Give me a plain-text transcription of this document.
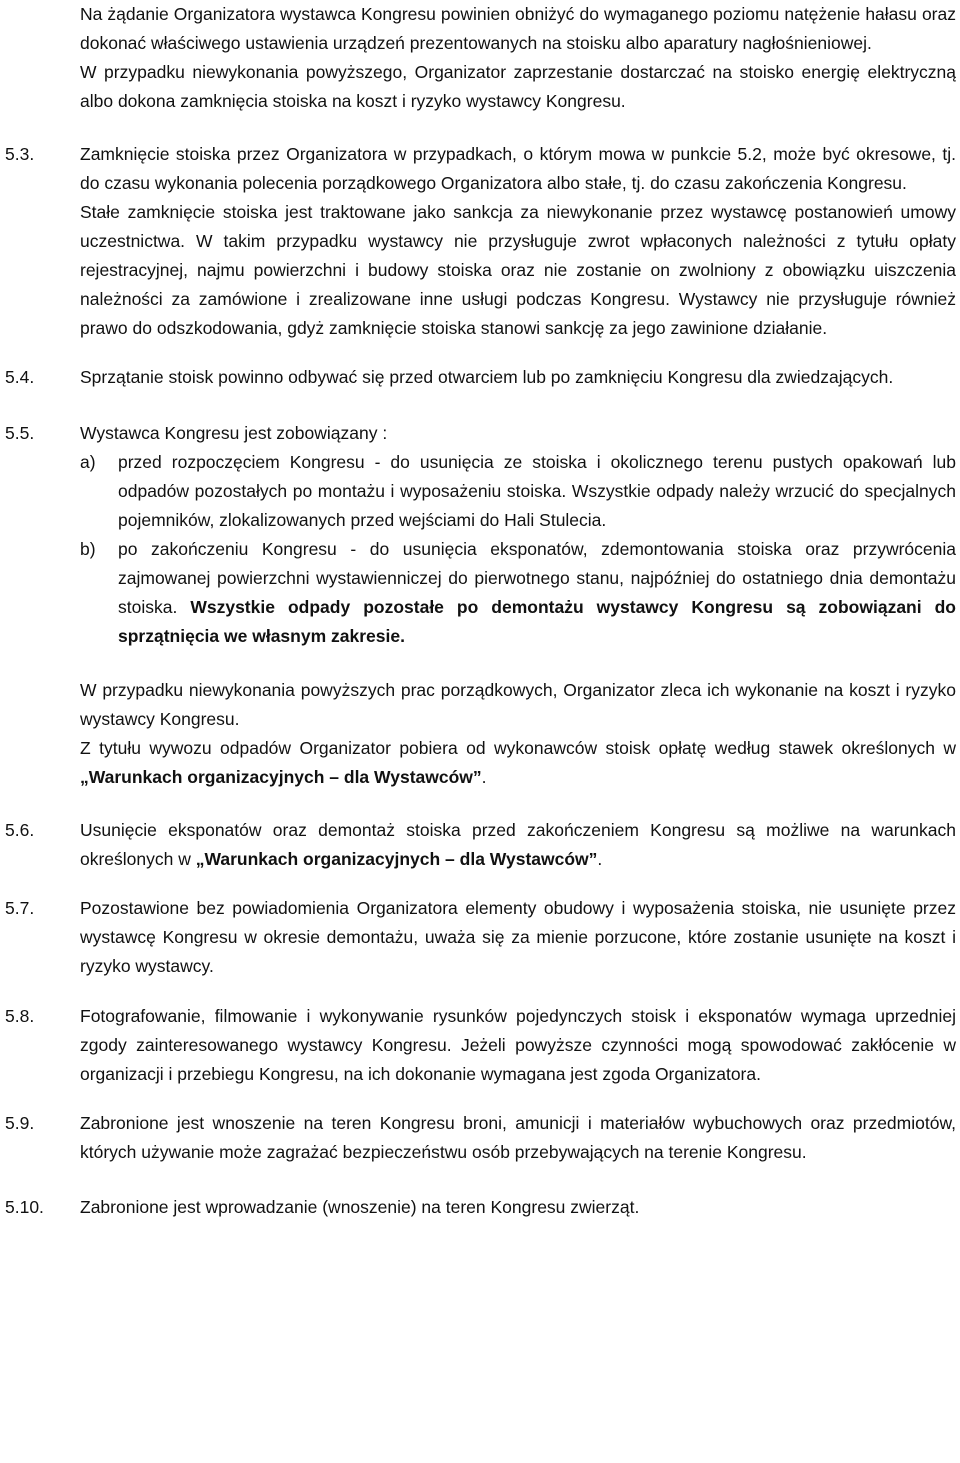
Na żądanie Organizatora wystawca Kongresu powinien obniżyć do wymaganego poziomu natężenie hałasu oraz dokonać właściwego ustawienia urządzeń prezentowanych na stoisku albo aparatury nagłośnieniowej.

W przypadku niewykonania powyższego, Organizator zaprzestanie dostarczać na stoisko energię elektryczną albo dokona zamknięcia stoiska na koszt i ryzyko wystawcy Kongresu.

5.3.	Zamknięcie stoiska przez Organizatora w przypadkach, o którym mowa w punkcie 5.2, może być okresowe, tj. do czasu wykonania polecenia porządkowego Organizatora albo stałe, tj. do czasu zakończenia Kongresu.

Stałe zamknięcie stoiska jest traktowane jako sankcja za niewykonanie przez wystawcę postanowień umowy uczestnictwa. W takim przypadku wystawcy nie przysługuje zwrot wpłaconych należności z tytułu opłaty rejestracyjnej, najmu powierzchni i budowy stoiska oraz nie zostanie on zwolniony z obowiązku uiszczenia należności za zamówione i zrealizowane inne usługi podczas Kongresu. Wystawcy nie przysługuje również prawo do odszkodowania, gdyż zamknięcie stoiska stanowi sankcję za jego zawinione działanie.

5.4.	Sprzątanie stoisk powinno odbywać się przed otwarciem lub po zamknięciu Kongresu dla zwiedzających.

5.5.	Wystawca Kongresu jest zobowiązany :

a) przed rozpoczęciem Kongresu - do usunięcia ze stoiska i okolicznego terenu pustych opakowań lub odpadów pozostałych po montażu i wyposażeniu stoiska. Wszystkie odpady należy wrzucić do specjalnych pojemników, zlokalizowanych przed wejściami do Hali Stulecia.

b) po zakończeniu Kongresu - do usunięcia eksponatów, zdemontowania stoiska oraz przywrócenia zajmowanej powierzchni wystawienniczej do pierwotnego stanu, najpóźniej do ostatniego dnia demontażu stoiska. Wszystkie odpady pozostałe po demontażu wystawcy Kongresu są zobowiązani do sprzątnięcia we własnym zakresie.

W przypadku niewykonania powyższych prac porządkowych, Organizator zleca ich wykonanie na koszt i ryzyko wystawcy Kongresu.

Z tytułu wywozu odpadów Organizator pobiera od wykonawców stoisk opłatę według stawek określonych w „Warunkach organizacyjnych – dla Wystawców”.

5.6.	Usunięcie eksponatów oraz demontaż stoiska przed zakończeniem Kongresu są możliwe na warunkach określonych w „Warunkach organizacyjnych – dla Wystawców”.

5.7.	Pozostawione bez powiadomienia Organizatora elementy obudowy i wyposażenia stoiska, nie usunięte przez wystawcę Kongresu w okresie demontażu, uważa się za mienie porzucone, które zostanie usunięte na koszt i ryzyko wystawcy.

5.8.	Fotografowanie, filmowanie i wykonywanie rysunków pojedynczych stoisk i eksponatów wymaga uprzedniej zgody zainteresowanego wystawcy Kongresu. Jeżeli powyższe czynności mogą spowodować zakłócenie w organizacji i przebiegu Kongresu, na ich dokonanie wymagana jest zgoda Organizatora.

5.9.	Zabronione jest wnoszenie na teren Kongresu broni, amunicji i materiałów wybuchowych oraz przedmiotów, których używanie może zagrażać bezpieczeństwu osób przebywających na terenie Kongresu.

5.10. Zabronione jest wprowadzanie (wnoszenie) na teren Kongresu zwierząt.
